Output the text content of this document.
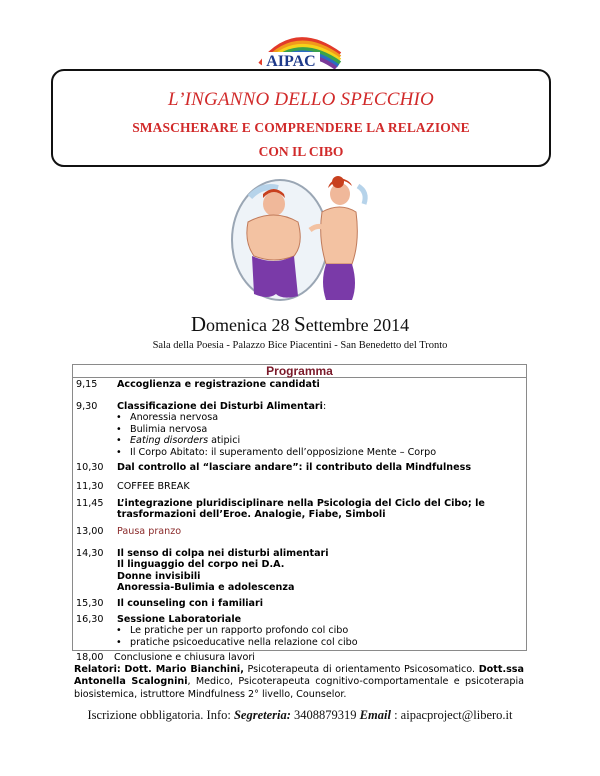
AIPAC
L’INGANNO DELLO SPECCHIO
SMASCHERARE E COMPRENDERE LA RELAZIONE
CON IL CIBO
Domenica 28 Settembre 2014
Sala della Poesia - Palazzo Bice Piacentini - San Benedetto del Tronto
Programma
9,15	Accoglienza e registrazione candidati
9,30	Classificazione dei Disturbi Alimentari:
• Anoressia nervosa
• Bulimia nervosa
• Eating disorders atipici
• Il Corpo Abitato: il superamento dell’opposizione Mente – Corpo
10,30	Dal controllo al “lasciare andare”: il contributo della Mindfulness
11,30	COFFEE BREAK
11,45	L’integrazione pluridisciplinare nella Psicologia del Ciclo del Cibo; le
trasformazioni dell’Eroe. Analogie, Fiabe, Simboli
13,00	Pausa pranzo
14,30	Il senso di colpa nei disturbi alimentari
Il linguaggio del corpo nei D.A.
Donne invisibili
Anoressia-Bulimia e adolescenza
15,30	Il counseling con i familiari
16,30	Sessione Laboratoriale
• Le pratiche per un rapporto profondo col cibo
• pratiche psicoeducative nella relazione col cibo
18,00	Conclusione e chiusura lavori
Relatori: Dott. Mario Bianchini, Psicoterapeuta di orientamento Psicosomatico. Dott.ssa Antonella Scalognini, Medico, Psicoterapeuta cognitivo-comportamentale e psicoterapia biosistemica, istruttore Mindfulness 2° livello, Counselor.
Iscrizione obbligatoria. Info: Segreteria: 3408879319 Email : aipacproject@libero.it
